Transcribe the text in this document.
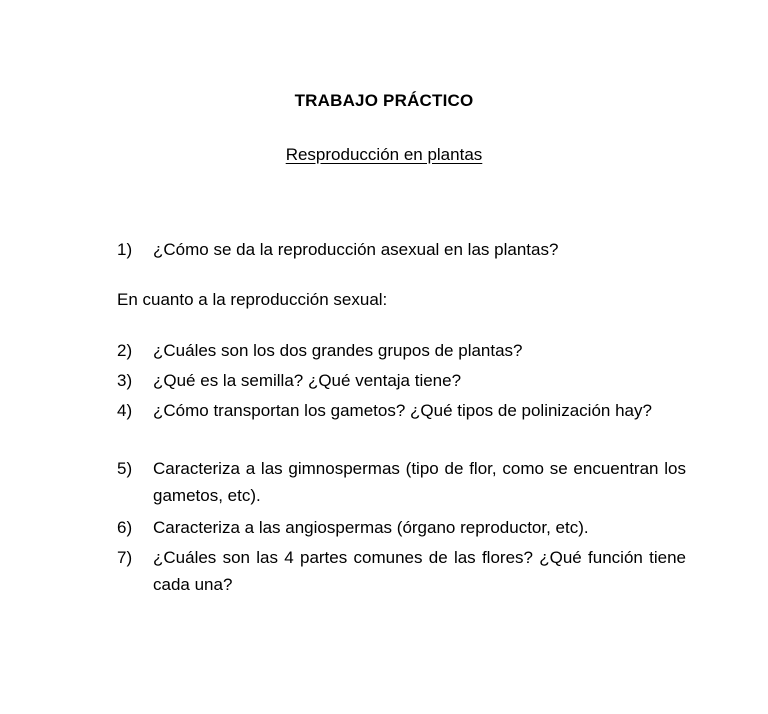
TRABAJO PRÁCTICO
Resproducción en plantas
1) ¿Cómo se da la reproducción asexual en las plantas?
En cuanto a la reproducción sexual:
2) ¿Cuáles son los dos grandes grupos de plantas?
3) ¿Qué es la semilla? ¿Qué ventaja tiene?
4) ¿Cómo transportan los gametos? ¿Qué tipos de polinización hay?
5) Caracteriza a las gimnospermas (tipo de flor, como se encuentran los gametos, etc).
6) Caracteriza a las angiospermas (órgano reproductor, etc).
7) ¿Cuáles son las 4 partes comunes de las flores? ¿Qué función tiene cada una?
